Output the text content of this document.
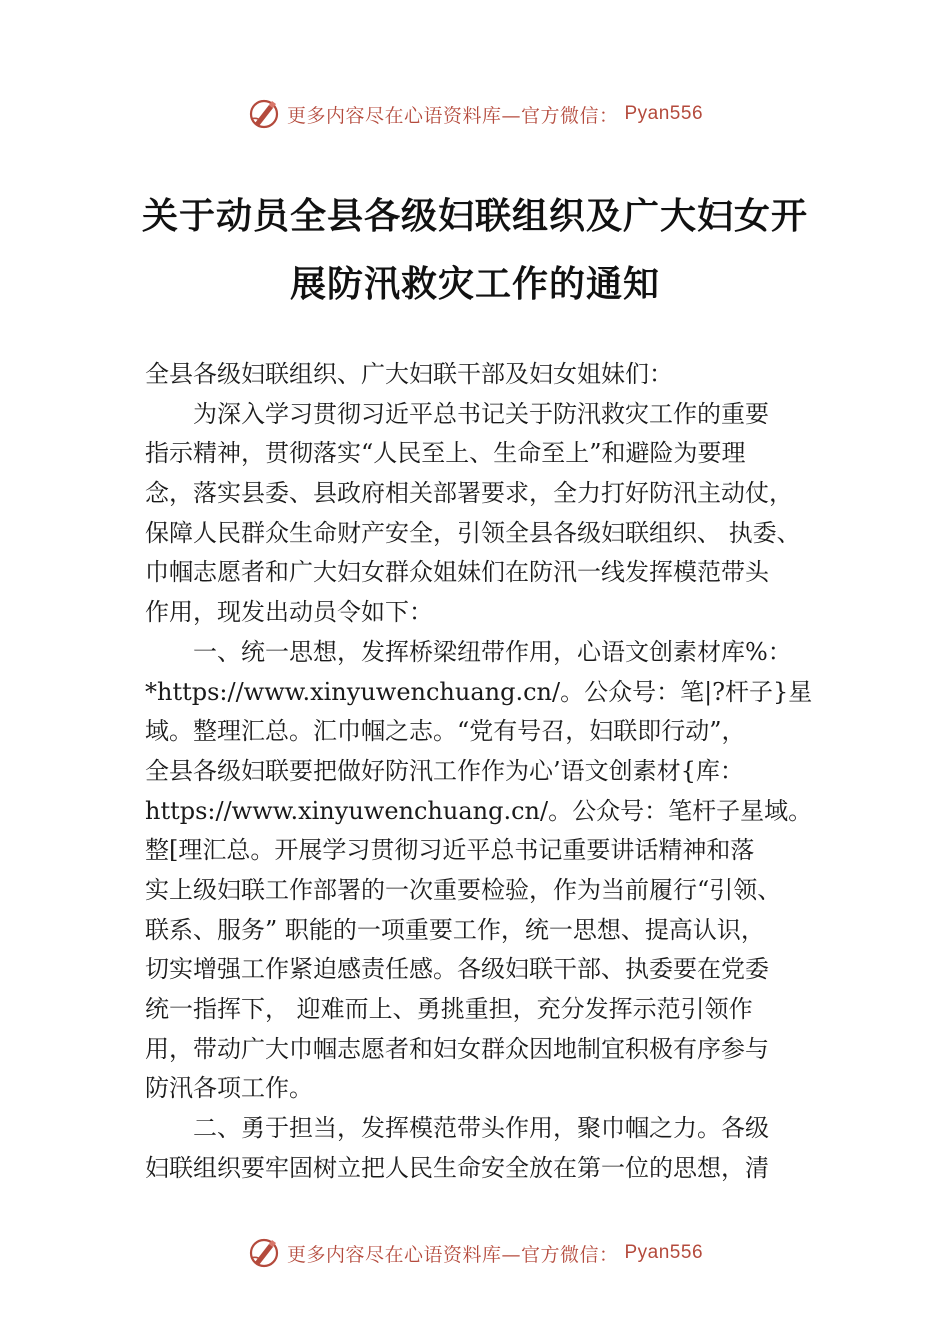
更多内容尽在心语资料库—官方微信： Pyan556
关于动员全县各级妇联组织及广大妇女开
展防汛救灾工作的通知
全县各级妇联组织、广大妇联干部及妇女姐妹们：
　　为深入学习贯彻习近平总书记关于防汛救灾工作的重要
指示精神，贯彻落实“人民至上、生命至上”和避险为要理
念，落实县委、县政府相关部署要求，全力打好防汛主动仗，
保障人民群众生命财产安全，引领全县各级妇联组织、 执委、
巾帼志愿者和广大妇女群众姐妹们在防汛一线发挥模范带头
作用，现发出动员令如下：
　　一、统一思想，发挥桥梁纽带作用，心语文创素材库%：
*https://www.xinyuwenchuang.cn/。公众号：笔|?杆子}星
域。整理汇总。汇巾帼之志。“党有号召，妇联即行动”，
全县各级妇联要把做好防汛工作作为心’语文创素材{库：
https://www.xinyuwenchuang.cn/。公众号：笔杆子星域。
整[理汇总。开展学习贯彻习近平总书记重要讲话精神和落
实上级妇联工作部署的一次重要检验，作为当前履行“引领、
联系、服务” 职能的一项重要工作，统一思想、提高认识，
切实增强工作紧迫感责任感。各级妇联干部、执委要在党委
统一指挥下， 迎难而上、勇挑重担，充分发挥示范引领作
用，带动广大巾帼志愿者和妇女群众因地制宜积极有序参与
防汛各项工作。
　　二、勇于担当，发挥模范带头作用，聚巾帼之力。各级
妇联组织要牢固树立把人民生命安全放在第一位的思想，清
更多内容尽在心语资料库—官方微信： Pyan556
